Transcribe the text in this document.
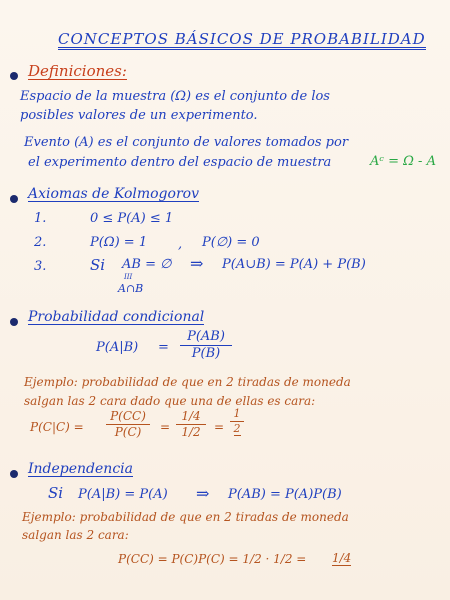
CONCEPTOS BÁSICOS DE PROBABILIDAD
Definiciones:
Espacio de la muestra (Ω) es el conjunto de los
posibles valores de un experimento.
Evento (A) es el conjunto de valores tomados por
el experimento dentro del espacio de muestra	Aᶜ = Ω - A
Axiomas de Kolmogorov
1.	0 ≤ P(A) ≤ 1
2.	P(Ω) = 1 , P(∅) = 0
3.	Si AB = ∅ ⇒ P(A∪B) = P(A) + P(B)
III
A∩B
Probabilidad condicional
P(A|B) =
P(AB)
P(B)
Ejemplo: probabilidad de que en 2 tiradas de moneda
salgan las 2 cara dado que una de ellas es cara:
P(C|C) =
P(CC)
P(C) =
1/4
1/2 =
1
2
Independencia
Si P(A|B) = P(A) ⇒ P(AB) = P(A)P(B)
Ejemplo: probabilidad de que en 2 tiradas de moneda
salgan las 2 cara:
P(CC) = P(C)P(C) = 1/2 · 1/2 = 1/4
